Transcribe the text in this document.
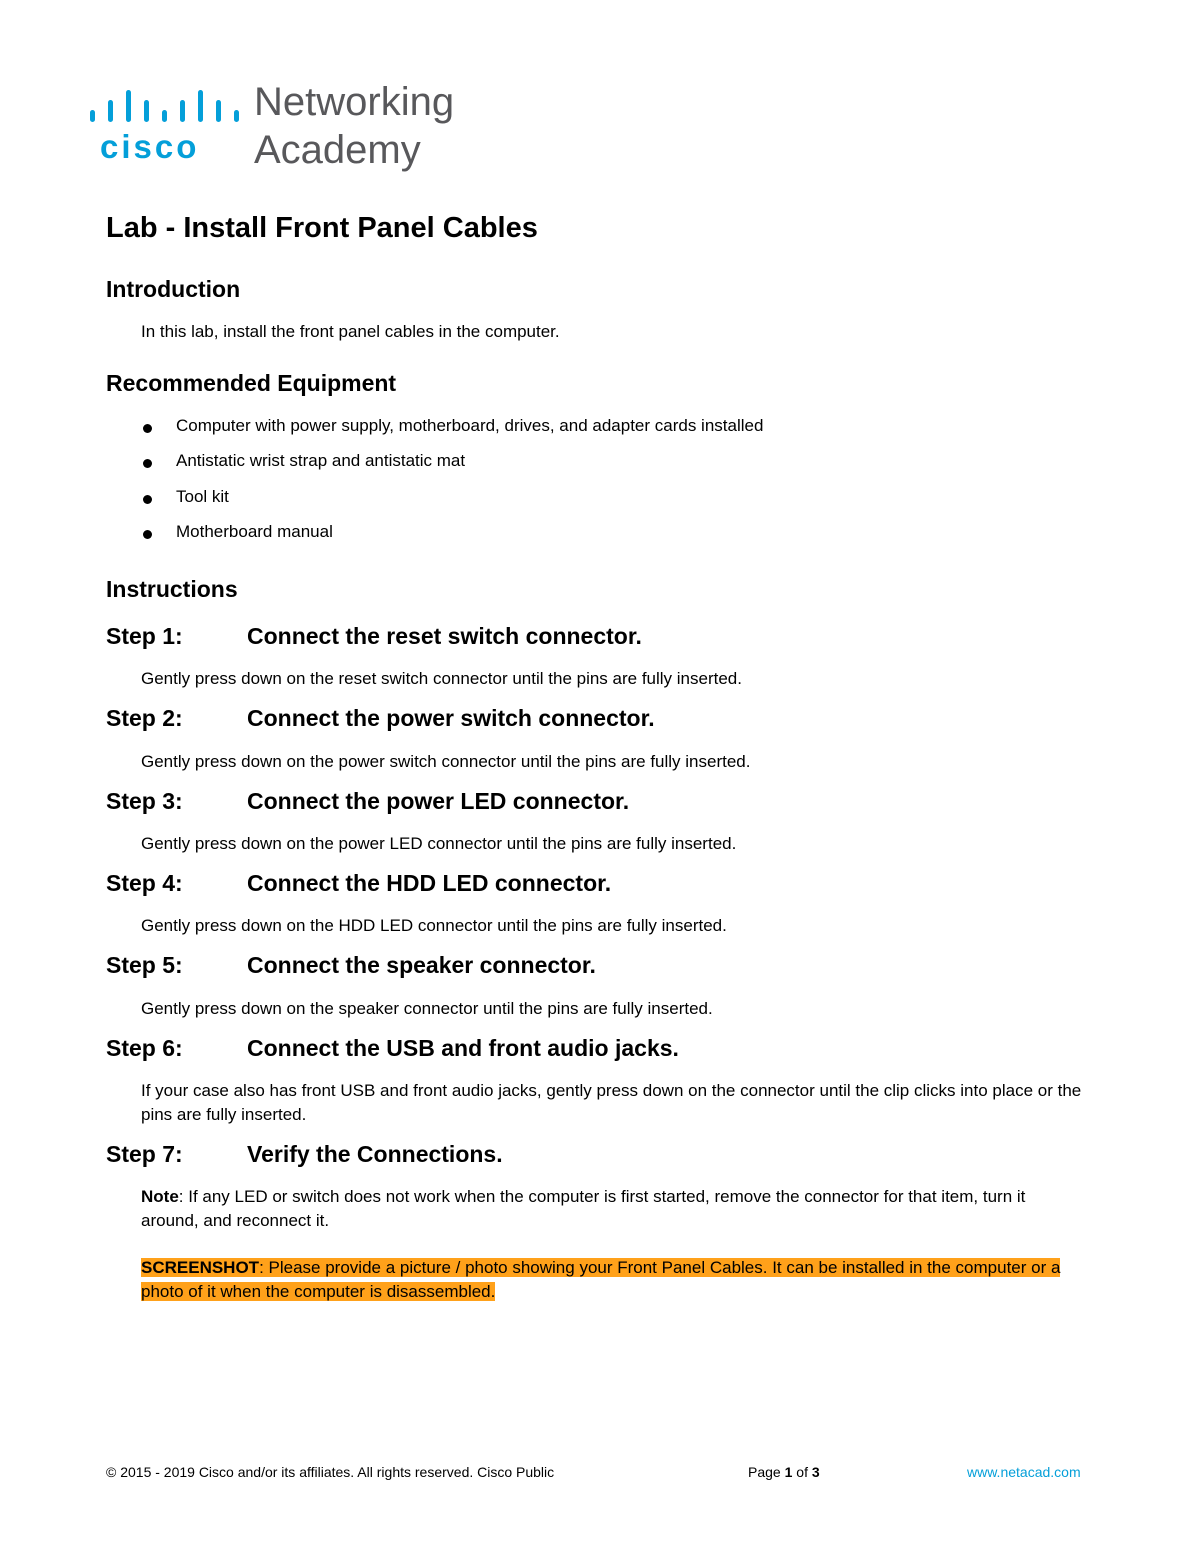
cisco
Networking
Academy
Lab - Install Front Panel Cables
Introduction
In this lab, install the front panel cables in the computer.
Recommended Equipment
Computer with power supply, motherboard, drives, and adapter cards installed
Antistatic wrist strap and antistatic mat
Tool kit
Motherboard manual
Instructions
Step 1:	Connect the reset switch connector.
Gently press down on the reset switch connector until the pins are fully inserted.
Step 2:	Connect the power switch connector.
Gently press down on the power switch connector until the pins are fully inserted.
Step 3:	Connect the power LED connector.
Gently press down on the power LED connector until the pins are fully inserted.
Step 4:	Connect the HDD LED connector.
Gently press down on the HDD LED connector until the pins are fully inserted.
Step 5:	Connect the speaker connector.
Gently press down on the speaker connector until the pins are fully inserted.
Step 6:	Connect the USB and front audio jacks.
If your case also has front USB and front audio jacks, gently press down on the connector until the clip clicks into place or the pins are fully inserted.
Step 7:	Verify the Connections.
Note: If any LED or switch does not work when the computer is first started, remove the connector for that item, turn it around, and reconnect it.
SCREENSHOT: Please provide a picture / photo showing your Front Panel Cables. It can be installed in the computer or a photo of it when the computer is disassembled.
© 2015 - 2019 Cisco and/or its affiliates. All rights reserved. Cisco Public	Page 1 of 3	www.netacad.com
